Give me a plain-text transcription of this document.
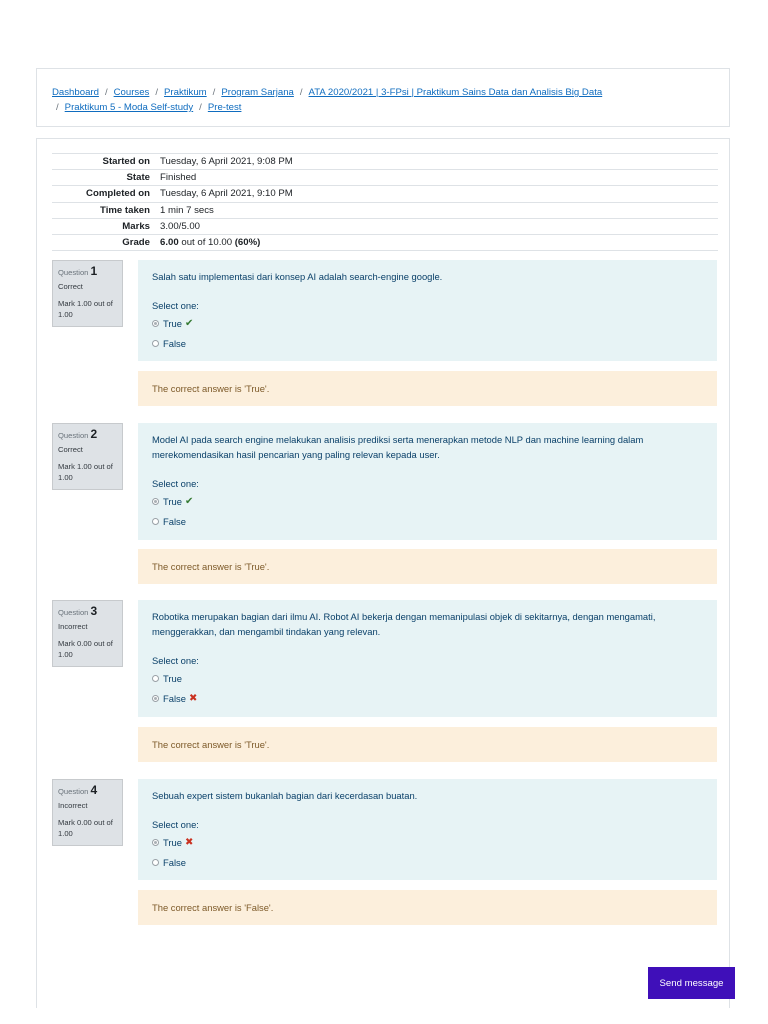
Dashboard / Courses / Praktikum / Program Sarjana / ATA 2020/2021 | 3-FPsi | Praktikum Sains Data dan Analisis Big Data
/ Praktikum 5 - Moda Self-study / Pre-test
Started on	Tuesday, 6 April 2021, 9:08 PM
State	Finished
Completed on	Tuesday, 6 April 2021, 9:10 PM
Time taken	1 min 7 secs
Marks	3.00/5.00
Grade	6.00 out of 10.00 (60%)
Question 1
Correct
Mark 1.00 out of 1.00

Salah satu implementasi dari konsep AI adalah search-engine google.

Select one:
True ✔
False
The correct answer is 'True'.
Question 2
Correct
Mark 1.00 out of 1.00

Model AI pada search engine melakukan analisis prediksi serta menerapkan metode NLP dan machine learning dalam merekomendasikan hasil pencarian yang paling relevan kepada user.

Select one:
True ✔
False
The correct answer is 'True'.
Question 3
Incorrect
Mark 0.00 out of 1.00

Robotika merupakan bagian dari ilmu AI. Robot AI bekerja dengan memanipulasi objek di sekitarnya, dengan mengamati, menggerakkan, dan mengambil tindakan yang relevan.

Select one:
True
False ✖
The correct answer is 'True'.
Question 4
Incorrect
Mark 0.00 out of 1.00

Sebuah expert sistem bukanlah bagian dari kecerdasan buatan.

Select one:
True ✖
False
The correct answer is 'False'.
Send message
